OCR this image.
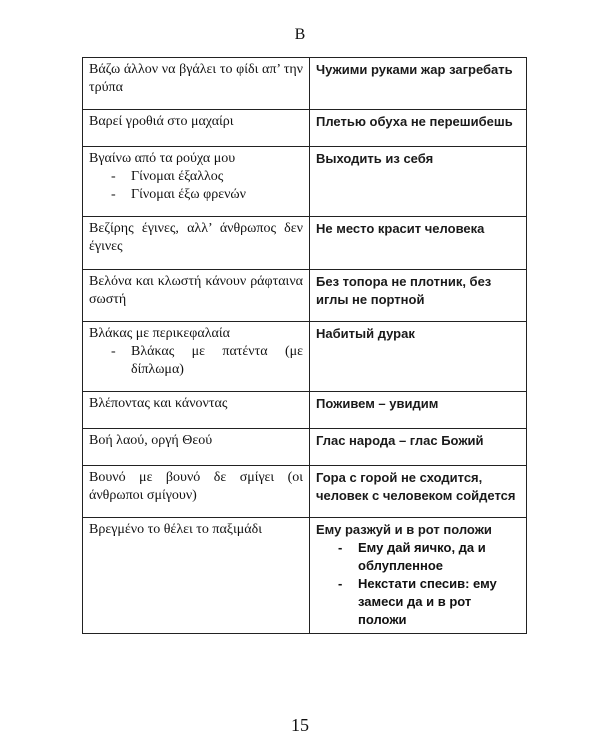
B
Βάζω άλλον να βγάλει το φίδι απ’ την τρύπα	Чужими руками жар загребать

Βαρεί γροθιά στο μαχαίρι	Плетью обуха не перешибешь

Βγαίνω από τα ρούχα μου
- Γίνομαι έξαλλος
- Γίνομαι έξω φρενών	Выходить из себя

Βεζίρης έγινες, αλλ’ άνθρωπος δεν έγινες	Не место красит человека

Βελόνα και κλωστή κάνουν ράφταινα σωστή	Без топора не плотник, без иглы не портной

Βλάκας με περικεφαλαία
- Βλάκας με πατέντα (με δίπλωμα)	Набитый дурак

Βλέποντας και κάνοντας	Поживем – увидим

Βοή λαού, οργή Θεού	Глас народа – глас Божий

Βουνό με βουνό δε σμίγει (οι άνθρωποι σμίγουν)	Гора с горой не сходится, человек с человеком сойдется

Βρεγμένο το θέλει το παξιμάδι	Ему разжуй и в рот положи
- Ему дай яичко, да и облупленное
- Некстати спесив: ему замеси да и в рот положи
15
